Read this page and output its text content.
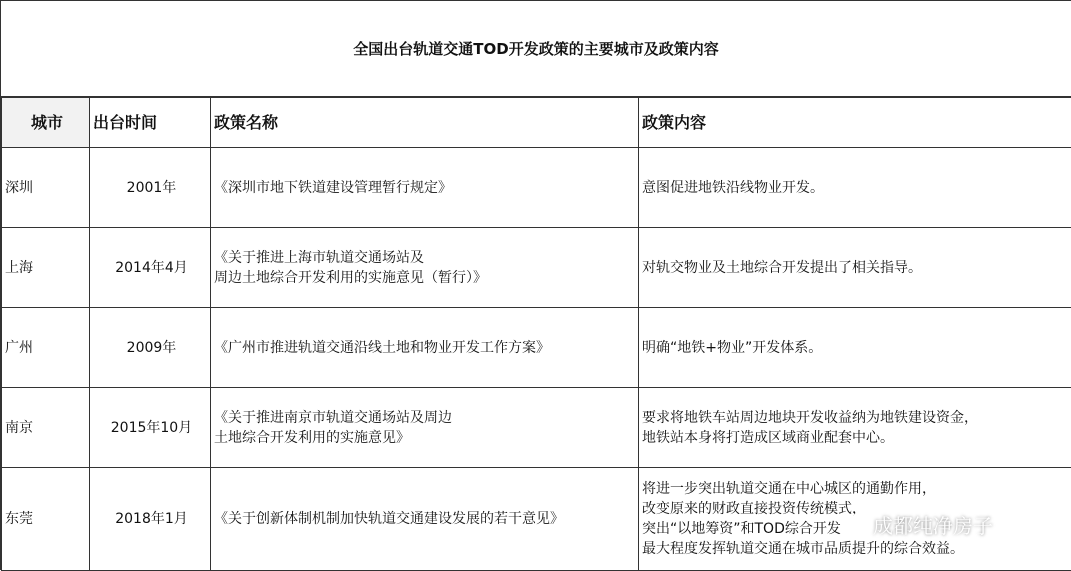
全国出台轨道交通TOD开发政策的主要城市及政策内容
城市	出台时间	政策名称	政策内容
深圳	2001年	《深圳市地下铁道建设管理暂行规定》	意图促进地铁沿线物业开发。

上海	2014年4月	《关于推进上海市轨道交通场站及
周边土地综合开发利用的实施意见（暂行）》	对轨交物业及土地综合开发提出了相关指导。

广州	2009年	《广州市推进轨道交通沿线土地和物业开发工作方案》	明确“地铁+物业”开发体系。

南京	2015年10月	《关于推进南京市轨道交通场站及周边
土地综合开发利用的实施意见》	要求将地铁车站周边地块开发收益纳为地铁建设资金，
地铁站本身将打造成区域商业配套中心。

东莞	2018年1月	《关于创新体制机制加快轨道交通建设发展的若干意见》	将进一步突出轨道交通在中心城区的通勤作用，
改变原来的财政直接投资传统模式，
突出“以地筹资”和TOD综合开发
最大程度发挥轨道交通在城市品质提升的综合效益。
成都纯净房子
